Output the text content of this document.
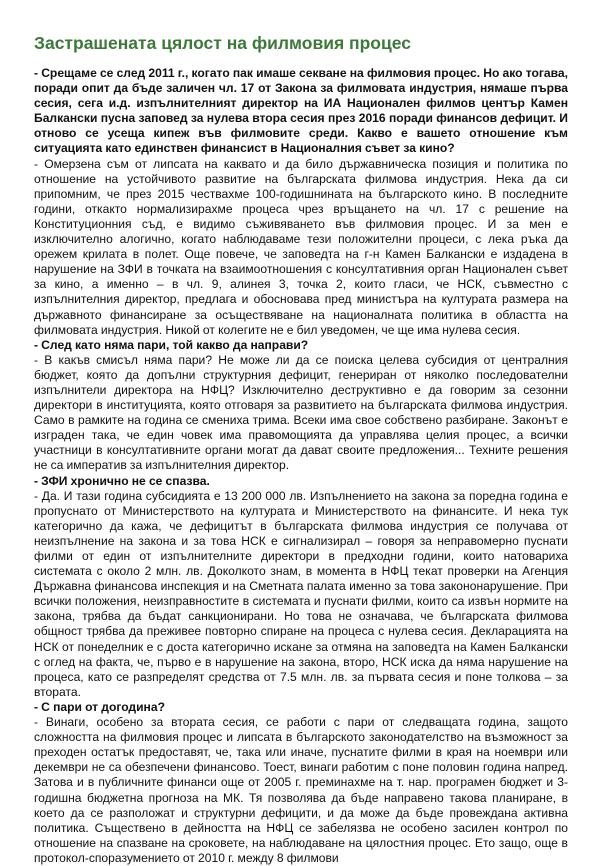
Застрашената цялост на филмовия процес

- Срещаме се след 2011 г., когато пак имаше секване на филмовия процес. Но ако тогава, поради опит да бъде заличен чл. 17 от Закона за филмовата индустрия, нямаше първа сесия, сега и.д. изпълнителният директор на ИА Национален филмов център Камен Балкански пусна заповед за нулева втора сесия през 2016 поради финансов дефицит. И отново се усеща кипеж във филмовите среди. Какво е вашето отношение към ситуацията като единствен финансист в Националния съвет за кино?

- Омерзена съм от липсата на каквато и да било държавническа позиция и политика по отношение на устойчивото развитие на българската филмова индустрия. Нека да си припомним, че през 2015 чествахме 100-годишнината на българското кино. В последните години, откакто нормализирахме процеса чрез връщането на чл. 17 с решение на Конституционния съд, е видимо съживяването във филмовия процес. И за мен е изключително алогично, когато наблюдаваме тези положителни процеси, с лека ръка да орежем крилата в полет. Още повече, че заповедта на г-н Камен Балкански е издадена в нарушение на ЗФИ в точката на взаимоотношения с консултативния орган Национален съвет за кино, а именно – в чл. 9, алинея 3, точка 2, които гласи, че НСК, съвместно с изпълнителния директор, предлага и обосновава пред министъра на културата размера на държавното финансиране за осъществяване на националната политика в областта на филмовата индустрия. Никой от колегите не е бил уведомен, че ще има нулева сесия.

- След като няма пари, той какво да направи?

- В какъв смисъл няма пари? Не може ли да се поиска целева субсидия от централния бюджет, която да допълни структурния дефицит, генериран от няколко последователни изпълнители директора на НФЦ? Изключително деструктивно е да говорим за сезонни директори в институцията, която отговаря за развитието на българската филмова индустрия. Само в рамките на година се смениха трима. Всеки има своe собствено разбиране. Законът е изграден така, че един човек има правомощията да управлява целия процес, а всички участници в консултативните органи могат да дават своите предложения... Техните решения не са императив за изпълнителния директор.

- ЗФИ хронично не се спазва.

- Да. И тази година субсидията е 13 200 000 лв. Изпълнението на закона за поредна година е пропуснато от Министерството на културата и Министерството на финансите. И нека тук категорично да кажа, че дефицитът в българската филмова индустрия се получава от неизпълнение на закона и за това НСК е сигнализирал – говоря за неправомерно пуснати филми от един от изпълнителните директори в предходни години, които натовариха системата с около 2 млн. лв. Доколкото знам, в момента в НФЦ текат проверки на Агенция Държавна финансова инспекция и на Сметната палата именно за това закононарушение. При всички положения, неизправностите в системата и пуснати филми, които са извън нормите на закона, трябва да бъдат санкционирани. Но това не означава, че българската филмова общност трябва да преживее повторно спиране на процеса с нулева сесия. Декларацията на НСК от понеделник е с доста категорично искане за отмяна на заповедта на Камен Балкански с оглед на факта, че, първо е в нарушение на закона, второ, НСК иска да няма нарушение на процеса, като се разпределят средства от 7.5 млн. лв. за първата сесия и поне толкова – за втората.

- С пари от догодина?

- Винаги, особено за втората сесия, се работи с пари от следващата година, защото сложността на филмовия процес и липсата в българското законодателство на възможност за преходен остатък предоставят, че, така или иначе, пуснатите филми в края на ноември или декември не са обезпечени финансово. Тоест, винаги работим с поне половин година напред. Затова и в публичните финанси още от 2005 г. преминахме на т. нар. програмен бюджет и 3-годишна бюджетна прогноза на МК. Тя позволява да бъде направено такова планиране, в което да се разположат и структурни дефицити, и да може да бъде провеждана активна политика. Съществено в дейността на НФЦ се забелязва не особено засилен контрол по отношение на спазване на сроковете, на наблюдаване на цялостния процес. Ето защо, още в протокол-споразумението от 2010 г. между 8 филмови
